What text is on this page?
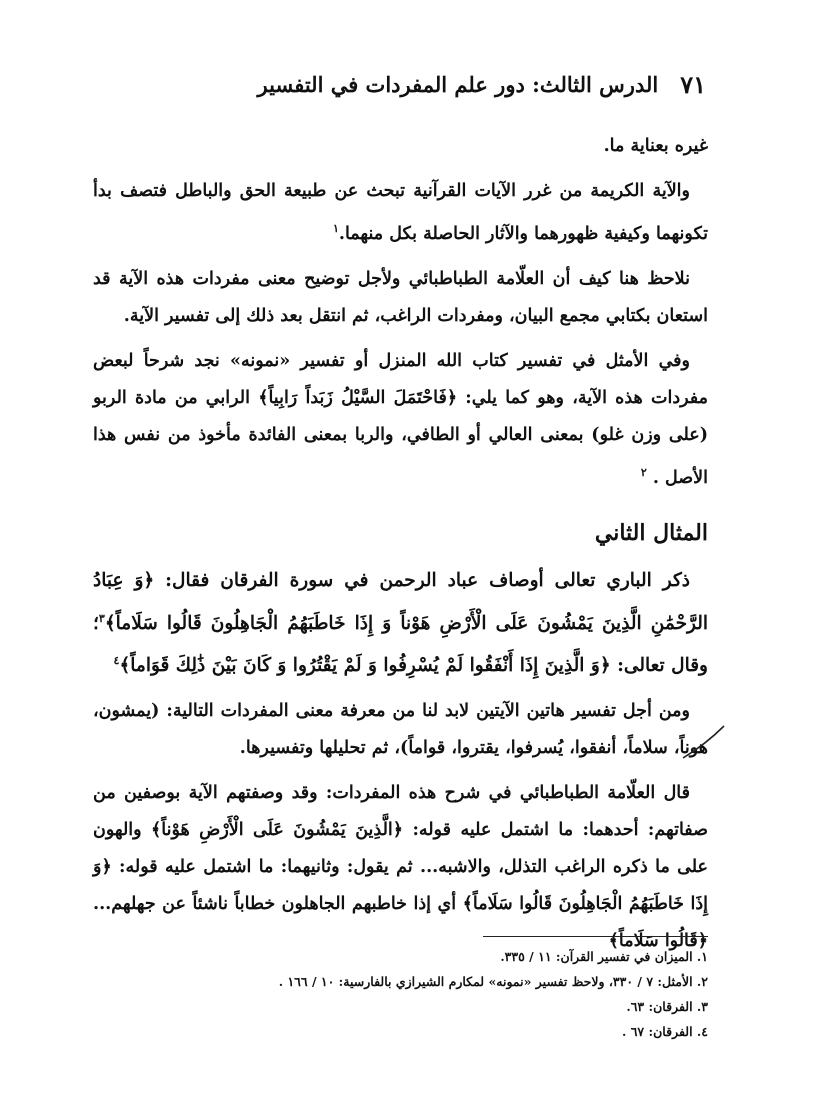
٧١
الدرس الثالث: دور علم المفردات في التفسير

غيره بعناية ما.

والآية الكريمة من غرر الآيات القرآنية تبحث عن طبيعة الحق والباطل فتصف بدأ تكونهما وكيفية ظهورهما والآثار الحاصلة بكل منهما.$^١$

نلاحظ هنا كيف أن العلّامة الطباطبائي ولأجل توضيح معنى مفردات هذه الآية قد استعان بكتابي مجمع البيان، ومفردات الراغب، ثم انتقل بعد ذلك إلى تفسير الآية.

وفي الأمثل في تفسير كتاب الله المنزل أو تفسير «نمونه» نجد شرحاً لبعض مفردات هذه الآية، وهو كما يلي: ﴿فَاحْتَمَلَ السَّيْلُ زَبَداً رَابِياً﴾ الرابي من مادة الربو (على وزن غلو) بمعنى العالي أو الطافي، والربا بمعنى الفائدة مأخوذ من نفس هذا الأصل . $^٢$

المثال الثاني

ذكر الباري تعالى أوصاف عباد الرحمن في سورة الفرقان فقال: ﴿وَ عِبَادُ الرَّحْمَٰنِ الَّذِينَ يَمْشُونَ عَلَى الْأَرْضِ هَوْناً وَ إِذَا خَاطَبَهُمُ الْجَاهِلُونَ قَالُوا سَلَاماً﴾$^٣$؛ وقال تعالى: ﴿وَ الَّذِينَ إِذَا أَنْفَقُوا لَمْ يُسْرِفُوا وَ لَمْ يَقْتُرُوا وَ كَانَ بَيْنَ ذَٰلِكَ قَوَاماً﴾$^٤$

ومن أجل تفسير هاتين الآيتين لابد لنا من معرفة معنى المفردات التالية: (يمشون، هوناً، سلاماً، أنفقوا، يُسرفوا، يقتروا، قواماً)، ثم تحليلها وتفسيرها.

قال العلّامة الطباطبائي في شرح هذه المفردات: وقد وصفتهم الآية بوصفين من صفاتهم: أحدهما: ما اشتمل عليه قوله: ﴿الَّذِينَ يَمْشُونَ عَلَى الْأَرْضِ هَوْناً﴾ والهون على ما ذكره الراغب التذلل، والاشبه... ثم يقول: وثانيهما: ما اشتمل عليه قوله: ﴿وَ إِذَا خَاطَبَهُمُ الْجَاهِلُونَ قَالُوا سَلَاماً﴾ أي إذا خاطبهم الجاهلون خطاباً ناشئاً عن جهلهم... ﴿قَالُوا سَلَاماً﴾

١. الميزان في تفسير القرآن: ١١ / ٣٣٥.
٢. الأمثل: ٧ / ٣٣٠، ولاحظ تفسير «نمونه» لمكارم الشيرازي بالفارسية: ١٠ / ١٦٦ .
٣. الفرقان: ٦٣.
٤. الفرقان: ٦٧ .
